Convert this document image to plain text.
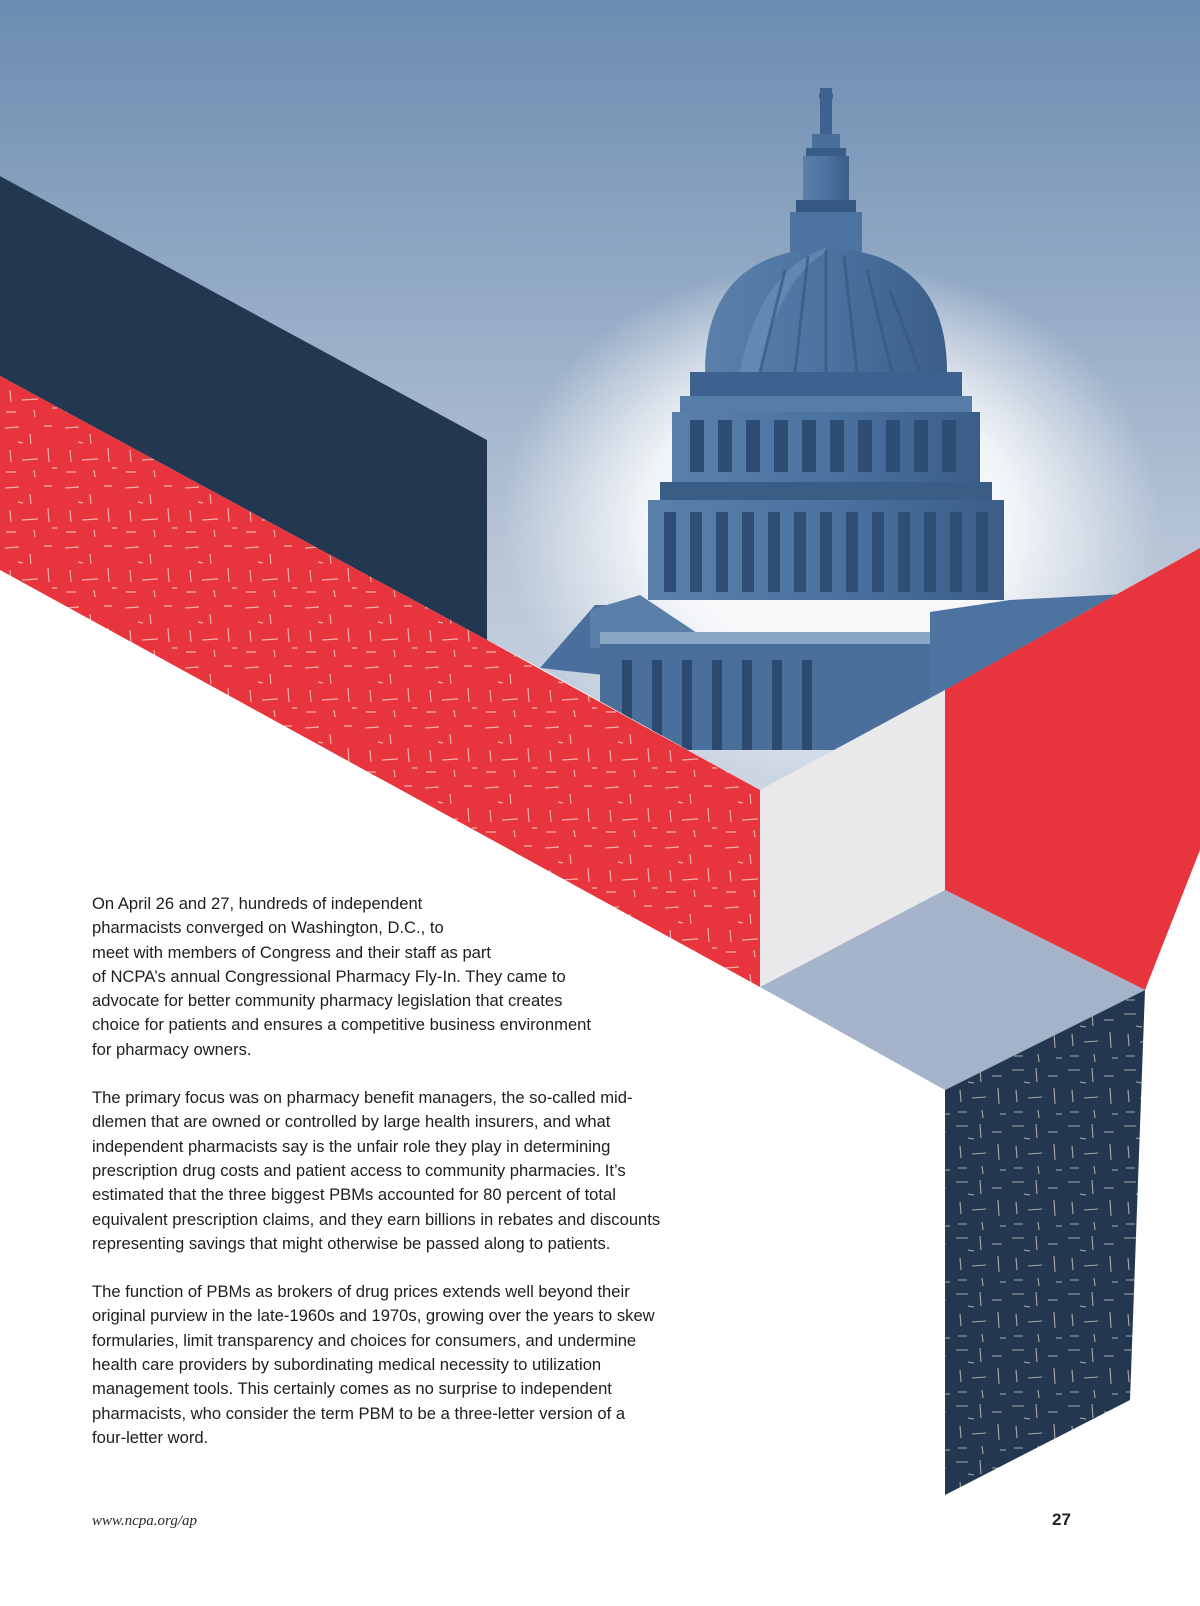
On April 26 and 27, hundreds of independent
pharmacists converged on Washington, D.C., to
meet with members of Congress and their staff as part
of NCPA’s annual Congressional Pharmacy Fly-In. They came to
advocate for better community pharmacy legislation that creates
choice for patients and ensures a competitive business environment
for pharmacy owners.

The primary focus was on pharmacy benefit managers, the so-called mid-
dlemen that are owned or controlled by large health insurers, and what
independent pharmacists say is the unfair role they play in determining
prescription drug costs and patient access to community pharmacies. It’s
estimated that the three biggest PBMs accounted for 80 percent of total
equivalent prescription claims, and they earn billions in rebates and discounts
representing savings that might otherwise be passed along to patients.

The function of PBMs as brokers of drug prices extends well beyond their
original purview in the late-1960s and 1970s, growing over the years to skew
formularies, limit transparency and choices for consumers, and undermine
health care providers by subordinating medical necessity to utilization
management tools. This certainly comes as no surprise to independent
pharmacists, who consider the term PBM to be a three-letter version of a
four-letter word.

www.ncpa.org/ap	27
